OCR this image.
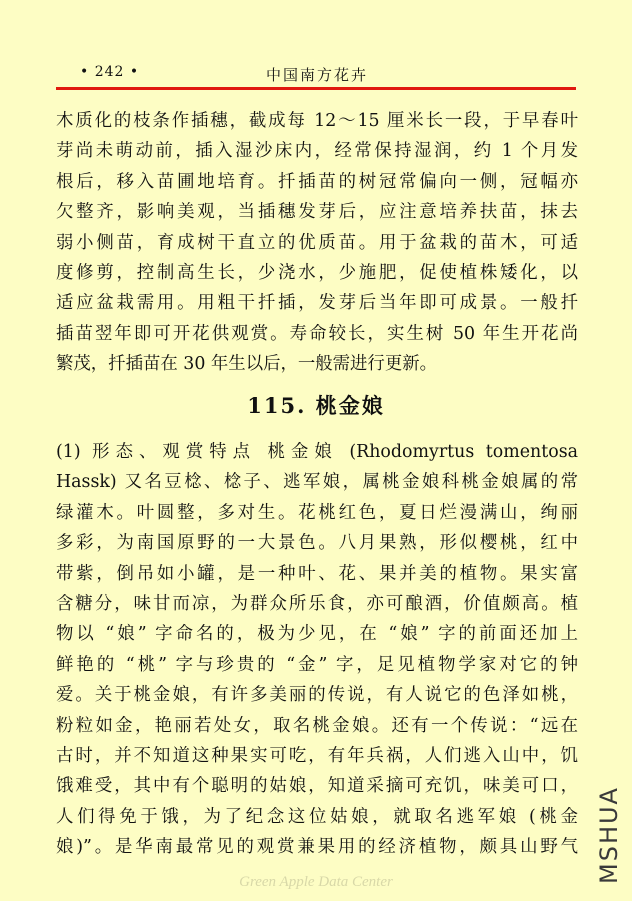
• 242 •	中国南方花卉
木质化的枝条作插穗，截成每 12～15 厘米长一段，于早春叶
芽尚未萌动前，插入湿沙床内，经常保持湿润，约 1 个月发
根后，移入苗圃地培育。扦插苗的树冠常偏向一侧，冠幅亦
欠整齐，影响美观，当插穗发芽后，应注意培养扶苗，抹去
弱小侧苗，育成树干直立的优质苗。用于盆栽的苗木，可适
度修剪，控制高生长，少浇水，少施肥，促使植株矮化，以
适应盆栽需用。用粗干扦插，发芽后当年即可成景。一般扦
插苗翌年即可开花供观赏。寿命较长，实生树 50 年生开花尚
繁茂，扦插苗在 30 年生以后，一般需进行更新。
115. 桃金娘
(1) 形态、观赏特点 桃金娘 (Rhodomyrtus tomentosa
Hassk) 又名豆棯、棯子、逃军娘，属桃金娘科桃金娘属的常
绿灌木。叶圆整，多对生。花桃红色，夏日烂漫满山，绚丽
多彩，为南国原野的一大景色。八月果熟，形似樱桃，红中
带紫，倒吊如小罐，是一种叶、花、果并美的植物。果实富
含糖分，味甘而凉，为群众所乐食，亦可酿酒，价值颇高。植
物以 “娘” 字命名的，极为少见，在 “娘” 字的前面还加上
鲜艳的 “桃” 字与珍贵的 “金” 字，足见植物学家对它的钟
爱。关于桃金娘，有许多美丽的传说，有人说它的色泽如桃，
粉粒如金，艳丽若处女，取名桃金娘。还有一个传说：“远在
古时，并不知道这种果实可吃，有年兵祸，人们逃入山中，饥
饿难受，其中有个聪明的姑娘，知道采摘可充饥，味美可口，
人们得免于饿，为了纪念这位姑娘，就取名逃军娘 (桃金
娘)”。是华南最常见的观赏兼果用的经济植物，颇具山野气 MSHUA
Green Apple Data Center
